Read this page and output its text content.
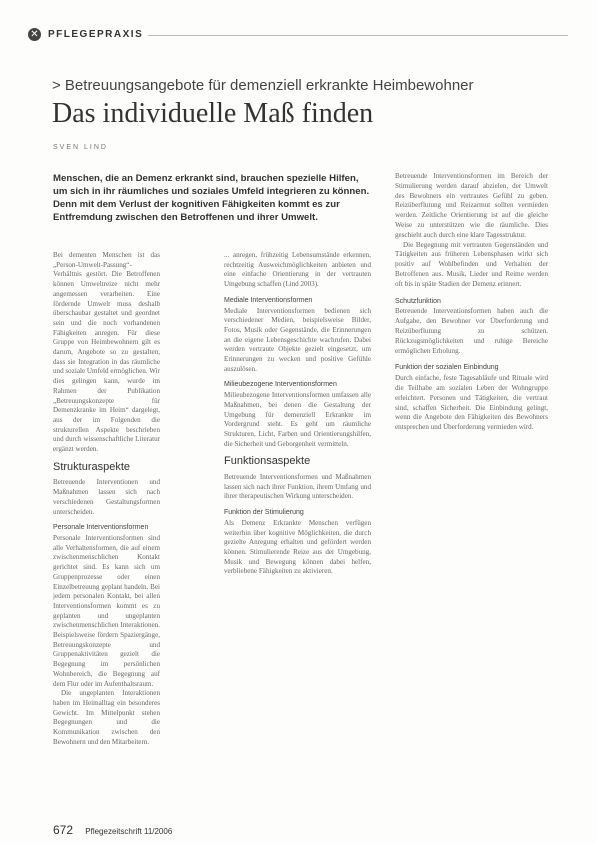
✕ PFLEGEPRAXIS
> Betreuungsangebote für demenziell erkrankte Heimbewohner
Das individuelle Maß finden
SVEN LIND
Menschen, die an Demenz erkrankt sind, brauchen spezielle Hilfen, um sich in ihr räumliches und soziales Umfeld integrieren zu können. Denn mit dem Verlust der kognitiven Fähigkeiten kommt es zur Entfremdung zwischen den Betroffenen und ihrer Umwelt.

Bei dementen Menschen ist das „Person-Umwelt-Passung“-Verhältnis gestört. Die Betroffenen können Umweltreize nicht mehr angemessen verarbeiten. Eine fördernde Umwelt muss deshalb überschaubar gestaltet und geordnet sein und die noch vorhandenen Fähigkeiten anregen. Für diese Gruppe von Heimbewohnern gilt es darum, Angebote so zu gestalten, dass sie Integration in das räumliche und soziale Umfeld ermöglichen. Wir dies gelingen kann, wurde im Rahmen der Publikation „Betreuungskonzepte für Demenzkranke im Heim“ dargelegt, aus der im Folgenden die strukturellen Aspekte beschrieben und durch wissenschaftliche Literatur ergänzt werden.

Strukturaspekte

Betreuende Interventionen und Maßnahmen lassen sich nach verschiedenen Gestaltungsformen unterscheiden.

Personale Interventionsformen

Personale Interventionsformen sind alle Verhaltensformen, die auf einem zwischenmenschlichen Kontakt gerichtet sind. Es kann sich um Gruppenprozesse oder einen Einzelbetreuung geplant handeln. Bei jedem personalen Kontakt, bei allen Interventionsformen kommt es zu geplanten und ungeplanten zwischenmenschlichen Interaktionen. Beispielsweise fördern Spaziergänge, Betreuungskonzepte und Gruppenaktivitäten gezielt die Begegnung im persönlichen Wohnbereich, die Begegnung auf dem Flur oder im Aufenthaltsraum.

Die ungeplanten Interaktionen haben im Heimalltag ein besonderes Gewicht. Im Mittelpunkt stehen Begegnungen und die Kommunikation zwischen den Bewohnern und den Mitarbeitern.

... anregen, frühzeitig Lebensumstände erkennen, rechtzeitig Ausweichmöglichkeiten anbieten und eine einfache Orientierung in der vertrauten Umgebung schaffen (Lind 2003).

Mediale Interventionsformen

Mediale Interventionsformen bedienen sich verschiedener Medien, beispielsweise Bilder, Fotos, Musik oder Gegenstände, die Erinnerungen an die eigene Lebensgeschichte wachrufen. Dabei werden vertraute Objekte gezielt eingesetzt, um Erinnerungen zu wecken und positive Gefühle auszulösen.

Milieubezogene Interventionsformen

Milieubezogene Interventionsformen umfassen alle Maßnahmen, bei denen die Gestaltung der Umgebung für demenziell Erkrankte im Vordergrund steht. Es geht um räumliche Strukturen, Licht, Farben und Orientierungshilfen, die Sicherheit und Geborgenheit vermitteln.

Funktionsaspekte

Betreuende Interventionsformen und Maßnahmen lassen sich nach ihrer Funktion, ihrem Umfang und ihrer therapeutischen Wirkung unterscheiden.

Funktion der Stimulierung

Als Demenz Erkrankte Menschen verfügen weiterhin über kognitive Möglichkeiten, die durch gezielte Anregung erhalten und gefördert werden können. Stimulierende Reize aus der Umgebung, Musik und Bewegung können dabei helfen, verbliebene Fähigkeiten zu aktivieren.

Betreuende Interventionsformen im Bereich der Stimulierung werden darauf abzielen, der Umwelt des Bewohners ein vertrautes Gefühl zu geben. Reizüberflutung und Reizarmut sollten vermieden werden. Zeitliche Orientierung ist auf die gleiche Weise zu unterstützen wie die räumliche. Dies geschieht auch durch eine klare Tagesstruktur.

Die Begegnung mit vertrauten Gegenständen und Tätigkeiten aus früheren Lebensphasen wirkt sich positiv auf Wohlbefinden und Verhalten der Betroffenen aus. Musik, Lieder und Reime werden oft bis in späte Stadien der Demenz erinnert.

Schutzfunktion

Betreuende Interventionsformen haben auch die Aufgabe, den Bewohner vor Überforderung und Reizüberflutung zu schützen. Rückzugsmöglichkeiten und ruhige Bereiche ermöglichen Erholung.

Funktion der sozialen Einbindung

Durch einfache, feste Tagesabläufe und Rituale wird die Teilhabe am sozialen Leben der Wohngruppe erleichtert. Personen und Tätigkeiten, die vertraut sind, schaffen Sicherheit. Die Einbindung gelingt, wenn die Angebote den Fähigkeiten des Bewohners entsprechen und Überforderung vermieden wird.

672 Pflegezeitschrift 11/2006
